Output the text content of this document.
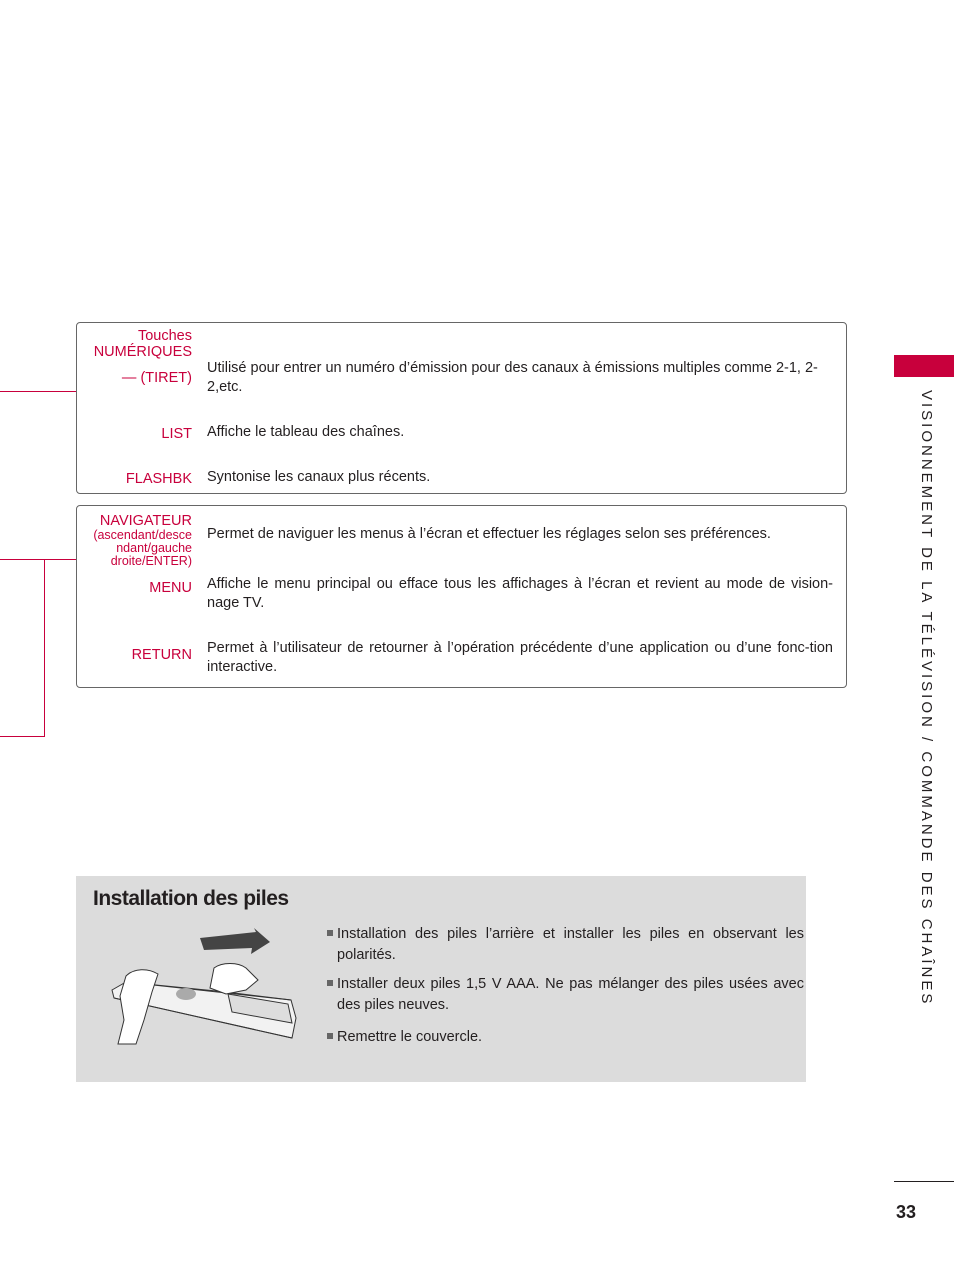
Touches
NUMÉRIQUES
— (TIRET)
Utilisé pour entrer un numéro d’émission pour des canaux à émissions multiples comme 2-1, 2-2,etc.
LIST Affiche le tableau des chaînes.
FLASHBK Syntonise les canaux plus récents.
NAVIGATEUR
(ascendant/desce
ndant/gauche
droite/ENTER)
Permet de naviguer les menus à l’écran et effectuer les réglages selon ses préférences.
MENU Affiche le menu principal ou efface tous les affichages à l’écran et revient au mode de vision-nage TV.
RETURN Permet à l’utilisateur de retourner à l’opération précédente d’une application ou d’une fonc-tion interactive.	VISIONNEMENT DE LA TÉLÉVISION / COMMANDE DES CHAÎNES
Installation des piles
Installation des piles l’arrière et installer les piles en observant les polarités.
Installer deux piles 1,5 V AAA. Ne pas mélanger des piles usées avec des piles neuves.
Remettre le couvercle.
33
